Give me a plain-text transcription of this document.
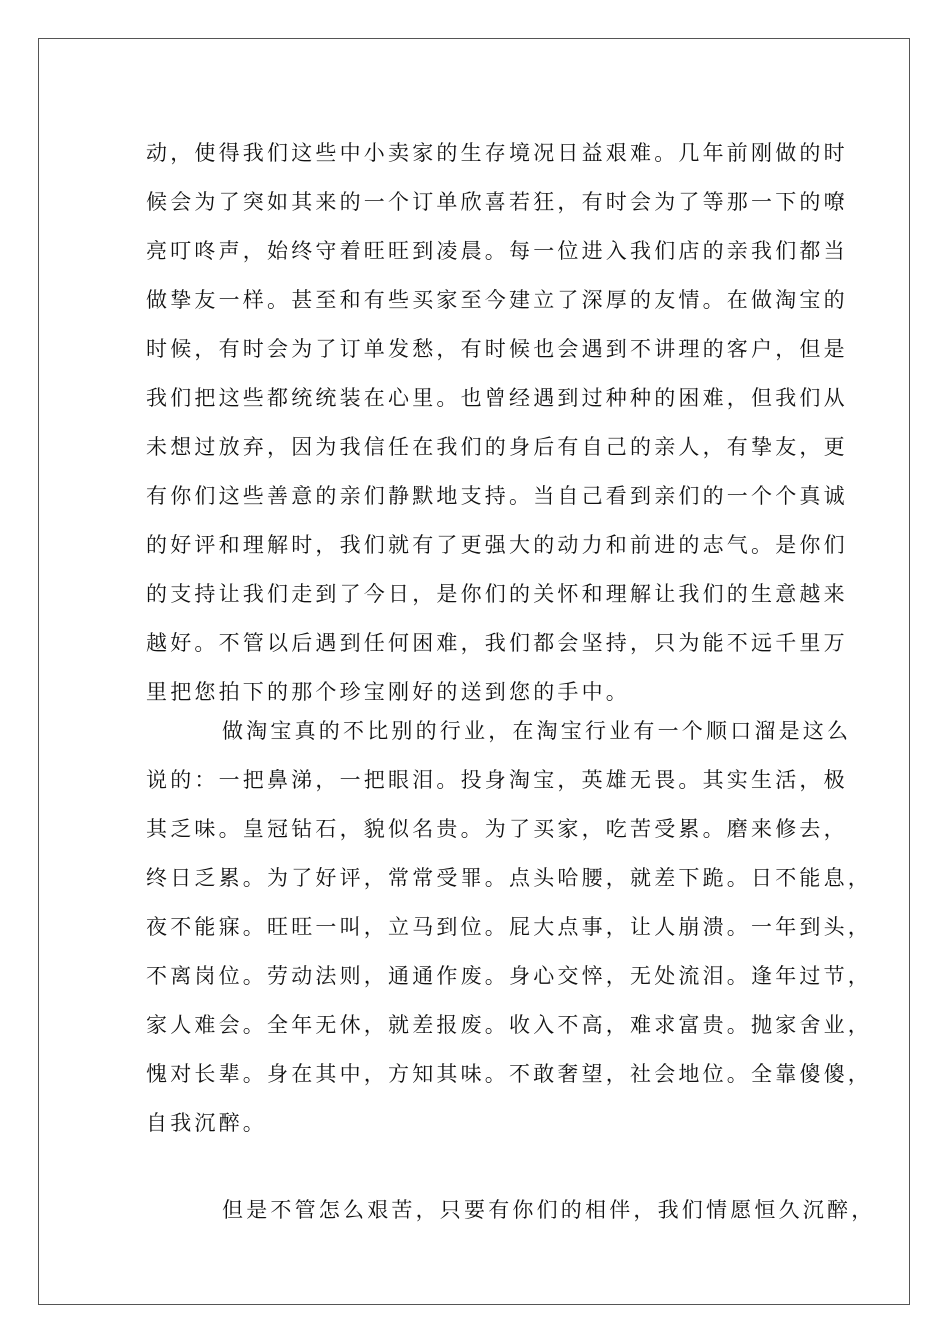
动，使得我们这些中小卖家的生存境况日益艰难。几年前刚做的时
候会为了突如其来的一个订单欣喜若狂，有时会为了等那一下的嘹
亮叮咚声，始终守着旺旺到凌晨。每一位进入我们店的亲我们都当
做挚友一样。甚至和有些买家至今建立了深厚的友情。在做淘宝的
时候，有时会为了订单发愁，有时候也会遇到不讲理的客户，但是
我们把这些都统统装在心里。也曾经遇到过种种的困难，但我们从
未想过放弃，因为我信任在我们的身后有自己的亲人，有挚友，更
有你们这些善意的亲们静默地支持。当自己看到亲们的一个个真诚
的好评和理解时，我们就有了更强大的动力和前进的志气。是你们
的支持让我们走到了今日，是你们的关怀和理解让我们的生意越来
越好。不管以后遇到任何困难，我们都会坚持，只为能不远千里万
里把您拍下的那个珍宝刚好的送到您的手中。
做淘宝真的不比别的行业，在淘宝行业有一个顺口溜是这么
说的：一把鼻涕，一把眼泪。投身淘宝，英雄无畏。其实生活，极
其乏味。皇冠钻石，貌似名贵。为了买家，吃苦受累。磨来修去，
终日乏累。为了好评，常常受罪。点头哈腰，就差下跪。日不能息，
夜不能寐。旺旺一叫，立马到位。屁大点事，让人崩溃。一年到头，
不离岗位。劳动法则，通通作废。身心交悴，无处流泪。逢年过节，
家人难会。全年无休，就差报废。收入不高，难求富贵。抛家舍业，
愧对长辈。身在其中，方知其味。不敢奢望，社会地位。全靠傻傻，
自我沉醉。
但是不管怎么艰苦，只要有你们的相伴，我们情愿恒久沉醉，
